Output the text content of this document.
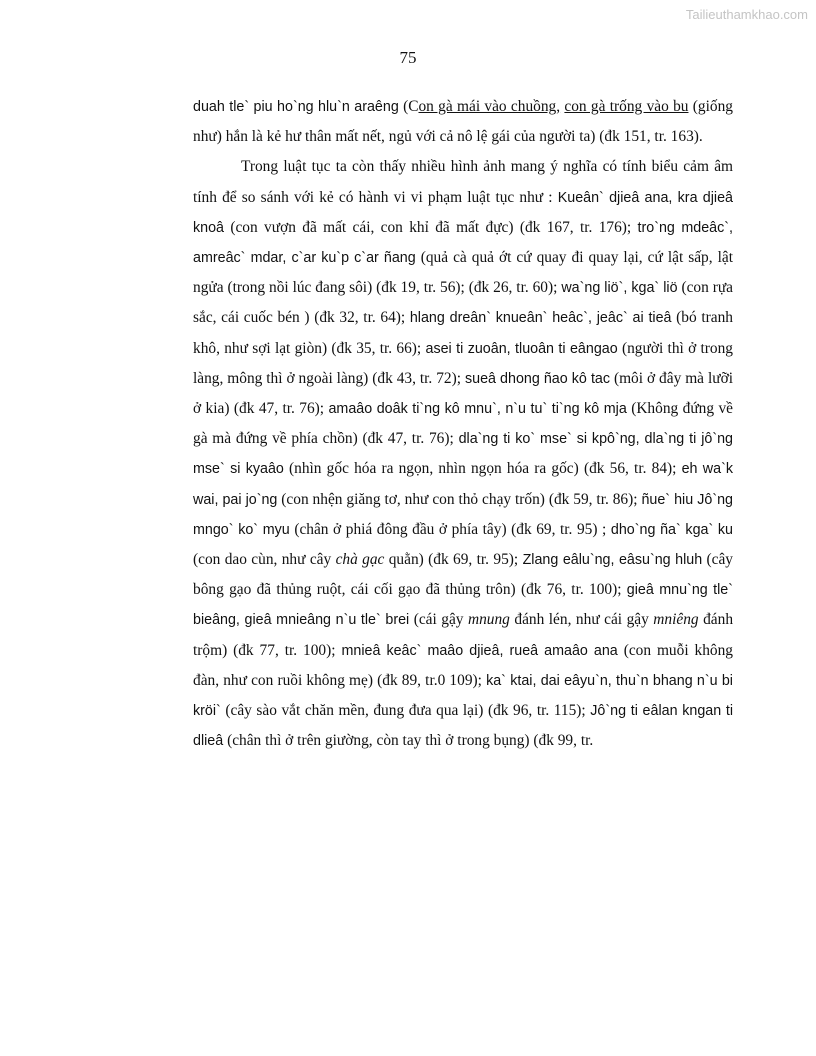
Tailieuthamkhao.com
75

duah tle` piu ho`ng hlu`n araêng (Con gà mái vào chuồng, con gà trống vào bu (giống như) hắn là kẻ hư thân mất nết, ngủ với cả nô lệ gái của người ta) (đk 151, tr. 163).

Trong luật tục ta còn thấy nhiều hình ảnh mang ý nghĩa có tính biểu cảm âm tính để so sánh với kẻ có hành vi vi phạm luật tục như : Kueân` djieâ ana, kra djieâ knoâ (con vượn đã mất cái, con khỉ đã mất đực) (đk 167, tr. 176); tro`ng mdeâc`, amreâc` mdar, c`ar ku`p c`ar ñang (quả cà quả ớt cứ quay đi quay lại, cứ lật sấp, lật ngửa (trong nồi lúc đang sôi) (đk 19, tr. 56); (đk 26, tr. 60); wa`ng liö`, kga` liö (con rựa sắc, cái cuốc bén ) (đk 32, tr. 64); hlang dreân` knueân` heâc`, jeâc` ai tieâ (bó tranh khô, như sợi lạt giòn) (đk 35, tr. 66); asei ti zuoân, tluoân ti eângao (người thì ở trong làng, mông thì ở ngoài làng) (đk 43, tr. 72); sueâ dhong ñao kô tac (môi ở đây mà lưỡi ở kia) (đk 47, tr. 76); amaâo doâk ti`ng kô mnu`, n`u tu` ti`ng kô mja (Không đứng về gà mà đứng về phía chồn) (đk 47, tr. 76); dla`ng ti ko` mse` si kpô`ng, dla`ng ti jô`ng mse` si kyaâo (nhìn gốc hóa ra ngọn, nhìn ngọn hóa ra gốc) (đk 56, tr. 84); eh wa`k wai, pai jo`ng (con nhện giăng tơ, như con thỏ chạy trốn) (đk 59, tr. 86); ñue` hiu Jô`ng mngo` ko` myu (chân ở phiá đông đầu ở phía tây) (đk 69, tr. 95) ; dho`ng ña` kga` ku (con dao cùn, như cây chà gạc quằn) (đk 69, tr. 95); Zlang eâlu`ng, eâsu`ng hluh (cây bông gạo đã thủng ruột, cái cối gạo đã thủng trôn) (đk 76, tr. 100); gieâ mnu`ng tle` bieâng, gieâ mnieâng n`u tle` brei (cái gậy mnung đánh lén, như cái gậy mniêng đánh trộm) (đk 77, tr. 100); mnieâ keâc` maâo djieâ, rueâ amaâo ana (con muỗi không đàn, như con ruồi không mẹ) (đk 89, tr.0 109); ka` ktai, dai eâyu`n, thu`n bhang n`u bi kröi` (cây sào vắt chăn mền, đung đưa qua lại) (đk 96, tr. 115); Jô`ng ti eâlan kngan ti dlieâ (chân thì ở trên giường, còn tay thì ở trong bụng) (đk 99, tr.
